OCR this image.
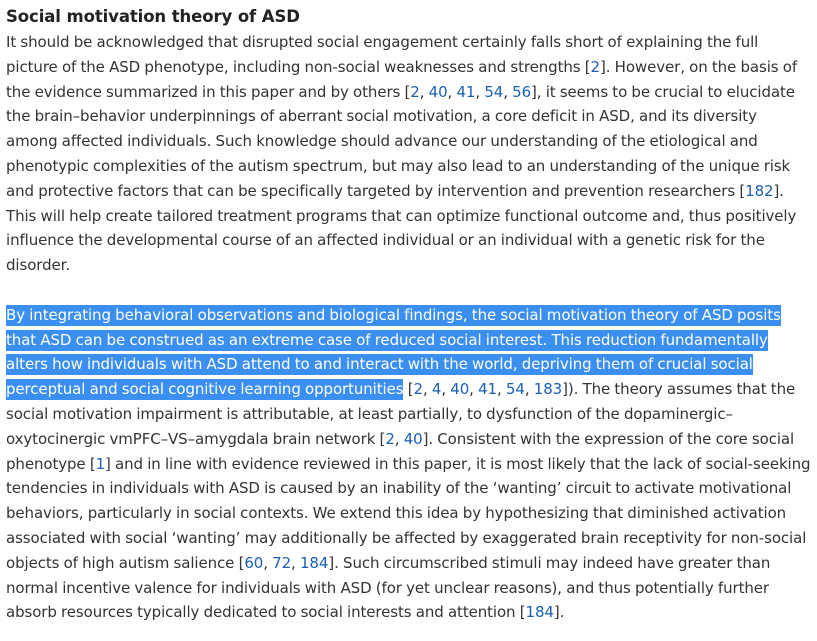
Social motivation theory of ASD

It should be acknowledged that disrupted social engagement certainly falls short of explaining the full picture of the ASD phenotype, including non-social weaknesses and strengths [2]. However, on the basis of the evidence summarized in this paper and by others [2, 40, 41, 54, 56], it seems to be crucial to elucidate the brain–behavior underpinnings of aberrant social motivation, a core deficit in ASD, and its diversity among affected individuals. Such knowledge should advance our understanding of the etiological and phenotypic complexities of the autism spectrum, but may also lead to an understanding of the unique risk and protective factors that can be specifically targeted by intervention and prevention researchers [182]. This will help create tailored treatment programs that can optimize functional outcome and, thus positively influence the developmental course of an affected individual or an individual with a genetic risk for the disorder.

By integrating behavioral observations and biological findings, the social motivation theory of ASD posits that ASD can be construed as an extreme case of reduced social interest. This reduction fundamentally alters how individuals with ASD attend to and interact with the world, depriving them of crucial social perceptual and social cognitive learning opportunities [2, 4, 40, 41, 54, 183]). The theory assumes that the social motivation impairment is attributable, at least partially, to dysfunction of the dopaminergic–oxytocinergic vmPFC–VS–amygdala brain network [2, 40]. Consistent with the expression of the core social phenotype [1] and in line with evidence reviewed in this paper, it is most likely that the lack of social-seeking tendencies in individuals with ASD is caused by an inability of the ‘wanting’ circuit to activate motivational behaviors, particularly in social contexts. We extend this idea by hypothesizing that diminished activation associated with social ‘wanting’ may additionally be affected by exaggerated brain receptivity for non-social objects of high autism salience [60, 72, 184]. Such circumscribed stimuli may indeed have greater than normal incentive valence for individuals with ASD (for yet unclear reasons), and thus potentially further absorb resources typically dedicated to social interests and attention [184].
